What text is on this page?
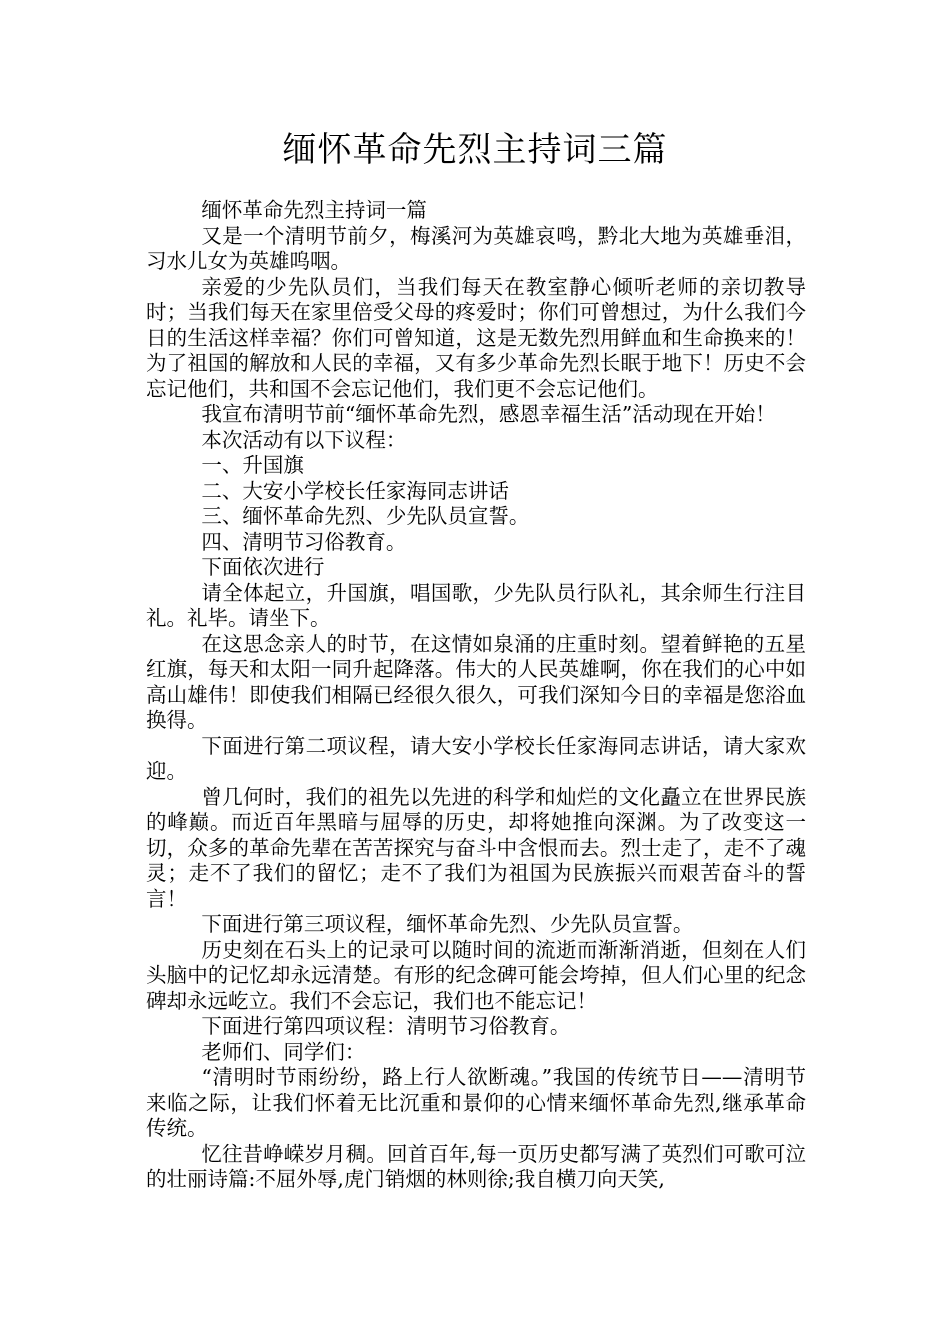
缅怀革命先烈主持词三篇

缅怀革命先烈主持词一篇

又是一个清明节前夕，梅溪河为英雄哀鸣，黔北大地为英雄垂泪，习水儿女为英雄呜咽。

亲爱的少先队员们，当我们每天在教室静心倾听老师的亲切教导时；当我们每天在家里倍受父母的疼爱时；你们可曾想过，为什么我们今日的生活这样幸福？你们可曾知道，这是无数先烈用鲜血和生命换来的！为了祖国的解放和人民的幸福，又有多少革命先烈长眠于地下！历史不会忘记他们，共和国不会忘记他们，我们更不会忘记他们。

我宣布清明节前“缅怀革命先烈，感恩幸福生活”活动现在开始！

本次活动有以下议程：

一、升国旗

二、大安小学校长任家海同志讲话

三、缅怀革命先烈、少先队员宣誓。

四、清明节习俗教育。

下面依次进行

请全体起立，升国旗，唱国歌，少先队员行队礼，其余师生行注目礼。礼毕。请坐下。

在这思念亲人的时节，在这情如泉涌的庄重时刻。望着鲜艳的五星红旗，每天和太阳一同升起降落。伟大的人民英雄啊，你在我们的心中如高山雄伟！即使我们相隔已经很久很久，可我们深知今日的幸福是您浴血换得。

下面进行第二项议程，请大安小学校长任家海同志讲话，请大家欢迎。

曾几何时，我们的祖先以先进的科学和灿烂的文化矗立在世界民族的峰巅。而近百年黑暗与屈辱的历史，却将她推向深渊。为了改变这一切，众多的革命先辈在苦苦探究与奋斗中含恨而去。烈士走了，走不了魂灵；走不了我们的留忆；走不了我们为祖国为民族振兴而艰苦奋斗的誓言！

下面进行第三项议程，缅怀革命先烈、少先队员宣誓。

历史刻在石头上的记录可以随时间的流逝而渐渐消逝，但刻在人们头脑中的记忆却永远清楚。有形的纪念碑可能会垮掉，但人们心里的纪念碑却永远屹立。我们不会忘记，我们也不能忘记！

下面进行第四项议程：清明节习俗教育。

老师们、同学们：

“清明时节雨纷纷，路上行人欲断魂。”我国的传统节日——清明节来临之际，让我们怀着无比沉重和景仰的心情来缅怀革命先烈,继承革命传统。

忆往昔峥嵘岁月稠。回首百年,每一页历史都写满了英烈们可歌可泣的壮丽诗篇:不屈外辱,虎门销烟的林则徐;我自横刀向天笑,
